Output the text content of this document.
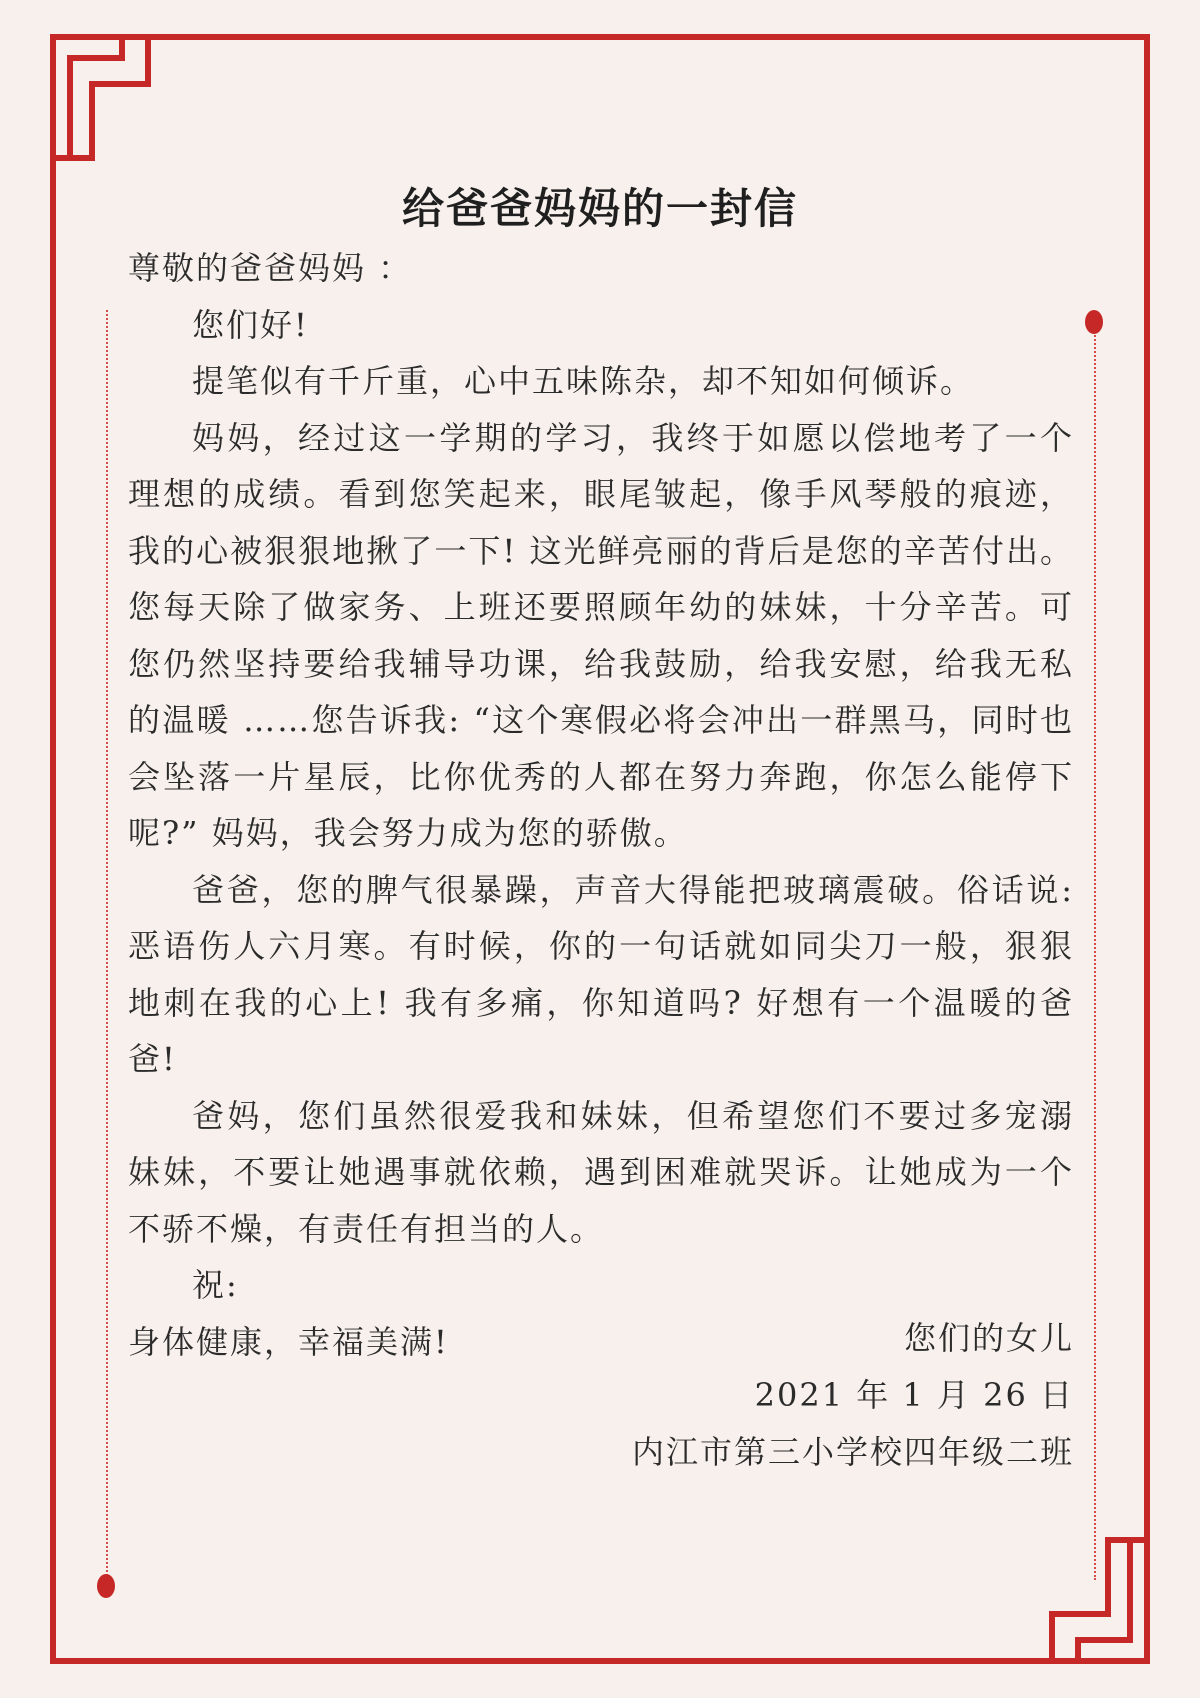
给爸爸妈妈的一封信

尊敬的爸爸妈妈 ：

您们好!

提笔似有千斤重，心中五味陈杂，却不知如何倾诉。

妈妈，经过这一学期的学习，我终于如愿以偿地考了一个理想的成绩。看到您笑起来，眼尾皱起，像手风琴般的痕迹，我的心被狠狠地揪了一下! 这光鲜亮丽的背后是您的辛苦付出。您每天除了做家务、上班还要照顾年幼的妹妹，十分辛苦。可您仍然坚持要给我辅导功课，给我鼓励，给我安慰，给我无私的温暖 ……您告诉我: “这个寒假必将会冲出一群黑马，同时也会坠落一片星辰，比你优秀的人都在努力奔跑，你怎么能停下呢?” 妈妈，我会努力成为您的骄傲。

爸爸，您的脾气很暴躁，声音大得能把玻璃震破。俗话说: 恶语伤人六月寒。有时候，你的一句话就如同尖刀一般，狠狠地刺在我的心上! 我有多痛，你知道吗? 好想有一个温暖的爸爸!

爸妈，您们虽然很爱我和妹妹，但希望您们不要过多宠溺妹妹，不要让她遇事就依赖，遇到困难就哭诉。让她成为一个不骄不燥，有责任有担当的人。

祝:

身体健康，幸福美满!	您们的女儿
2021 年 1 月 26 日
内江市第三小学校四年级二班
